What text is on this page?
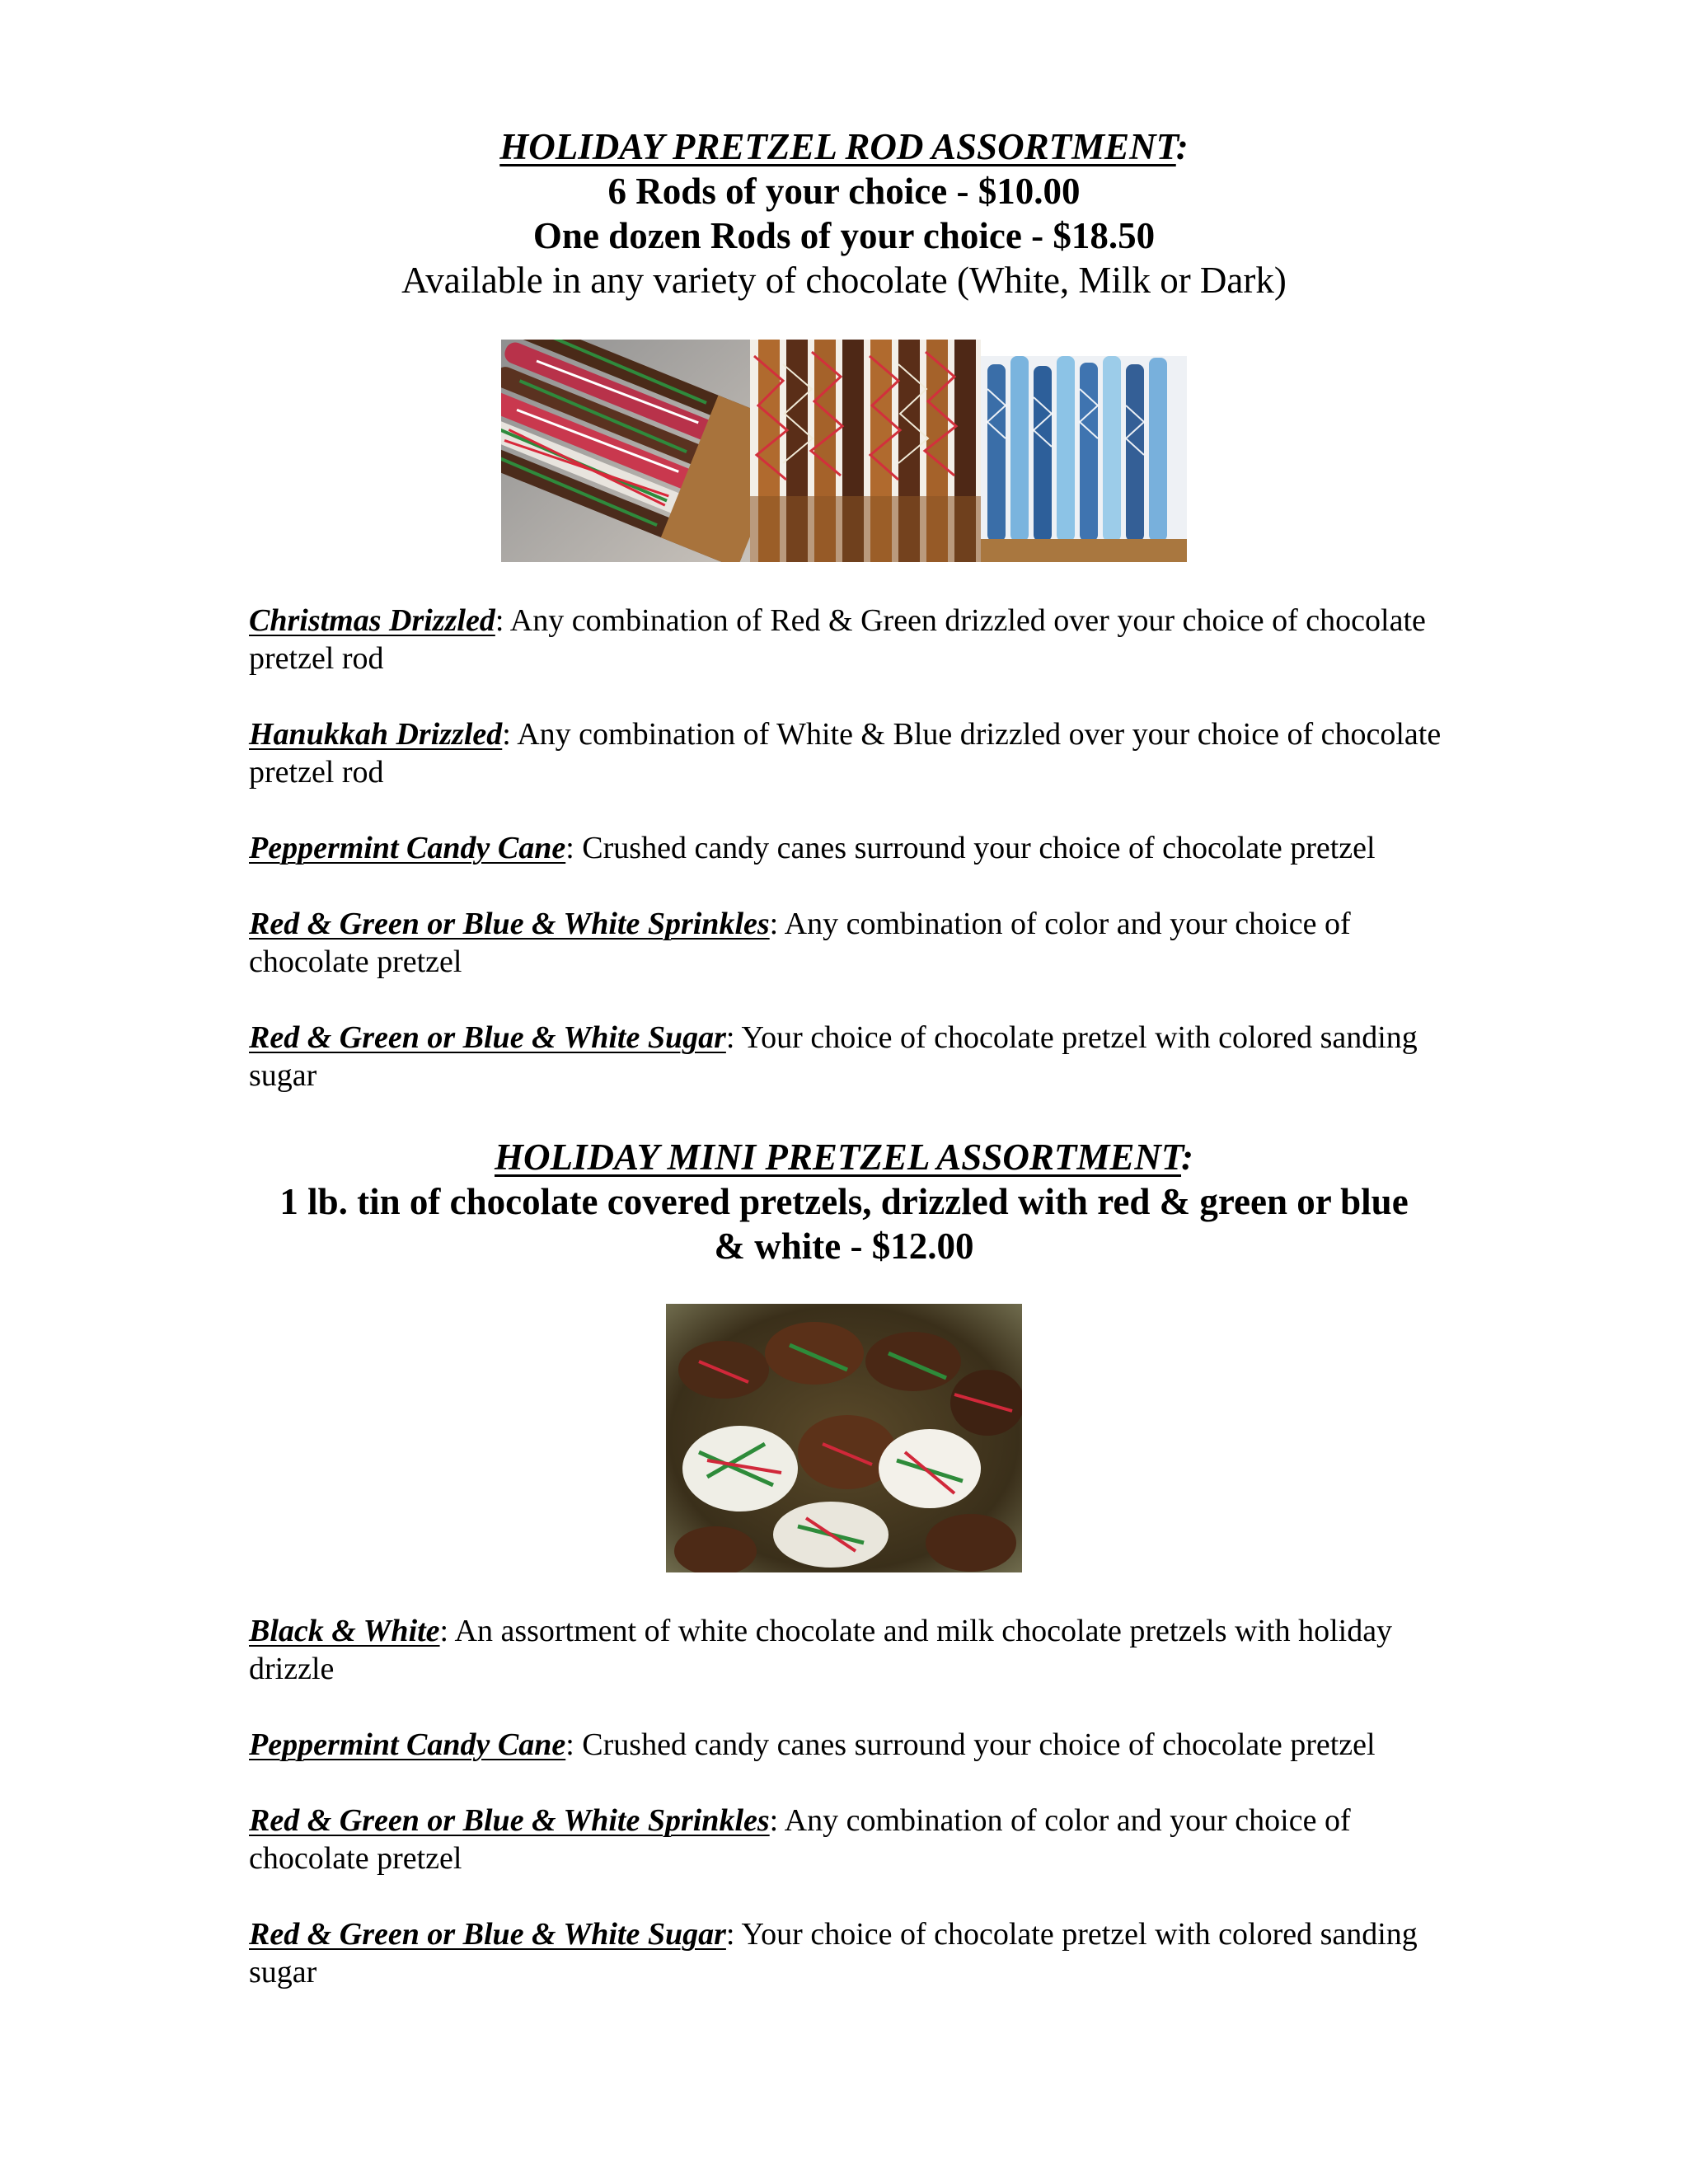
HOLIDAY PRETZEL ROD ASSORTMENT:
6 Rods of your choice - $10.00
One dozen Rods of your choice - $18.50
Available in any variety of chocolate (White, Milk or Dark)
Christmas Drizzled: Any combination of Red & Green drizzled over your choice of chocolate pretzel rod
Hanukkah Drizzled: Any combination of White & Blue drizzled over your choice of chocolate pretzel rod
Peppermint Candy Cane: Crushed candy canes surround your choice of chocolate pretzel
Red & Green or Blue & White Sprinkles: Any combination of color and your choice of chocolate pretzel
Red & Green or Blue & White Sugar: Your choice of chocolate pretzel with colored sanding sugar
HOLIDAY MINI PRETZEL ASSORTMENT:
1 lb. tin of chocolate covered pretzels, drizzled with red & green or blue
& white - $12.00
Black & White: An assortment of white chocolate and milk chocolate pretzels with holiday drizzle
Peppermint Candy Cane: Crushed candy canes surround your choice of chocolate pretzel
Red & Green or Blue & White Sprinkles: Any combination of color and your choice of chocolate pretzel
Red & Green or Blue & White Sugar: Your choice of chocolate pretzel with colored sanding sugar
